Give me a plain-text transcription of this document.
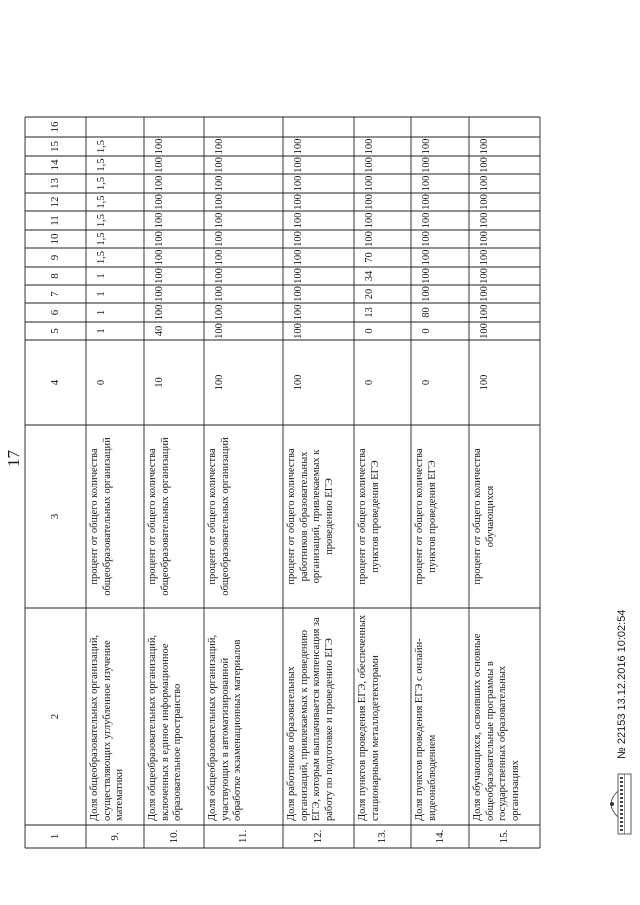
17
1
2
3
4
5
6
7
8
9
10
11
12
13
14
15
16
9.
Доля общеобразовательных организаций, осуществляющих углубленное изучение математики
процент от общего количества общеобразовательных организаций
0
1
1
1
1
1,5
1,5
1,5
1,5
1,5
1,5
1,5
10.
Доля общеобразовательных организаций, включенных в единое информационное образовательное пространство
процент от общего количества общеобразовательных организаций
10
40
100
100
100
100
100
100
100
100
100
100
11.
Доля общеобразовательных организаций, участвующих в автоматизированной обработке экзаменационных материалов
процент от общего количества общеобразовательных организаций
100
100
100
100
100
100
100
100
100
100
100
100
12.
Доля работников образовательных организаций, привлекаемых к проведению ЕГЭ, которым выплачивается компенсация за работу по подготовке и проведению ЕГЭ
процент от общего количества работников образовательных организаций, привлекаемых к проведению ЕГЭ
100
100
100
100
100
100
100
100
100
100
100
100
13.
Доля пунктов проведения ЕГЭ, обеспеченных стационарными металлодетекторами
процент от общего количества пунктов проведения ЕГЭ
0
0
13
20
34
70
100
100
100
100
100
100
14.
Доля пунктов проведения ЕГЭ с онлайн-видеонаблюдением
процент от общего количества пунктов проведения ЕГЭ
0
0
80
100
100
100
100
100
100
100
100
100
15.
Доля обучающихся, освоивших основные общеобразовательные программы в государственных образовательных организациях
процент от общего количества обучающихся
100
100
100
100
100
100
100
100
100
100
100
100
№ 22153 13.12.2016 10:02:54
